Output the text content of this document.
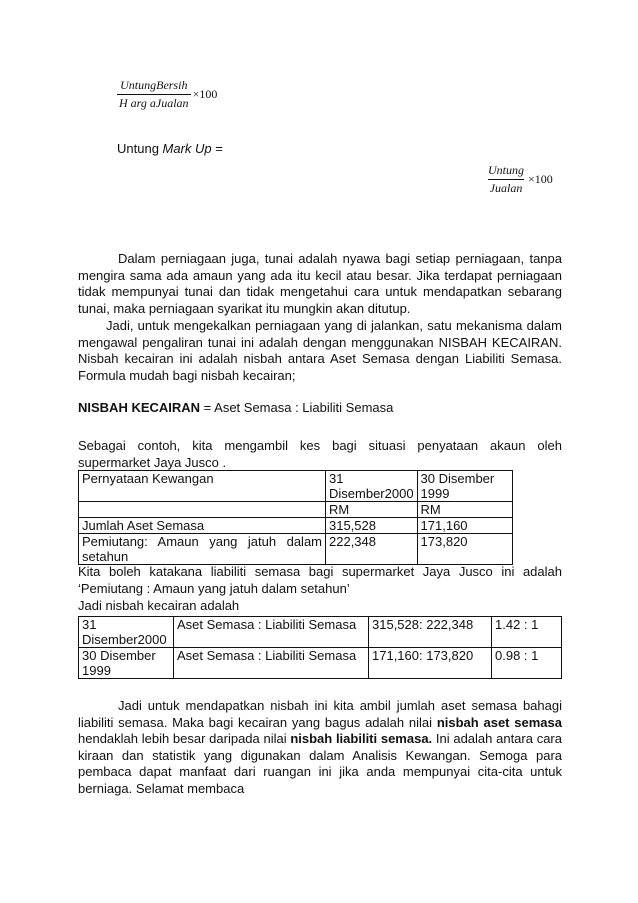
$\frac{\text{UntungBersih}}{\text{H arg aJualan}} \times 100$
Untung Mark Up =
$\frac{\text{Untung}}{\text{Jualan}} \times 100$

Dalam perniagaan juga, tunai adalah nyawa bagi setiap perniagaan, tanpa mengira sama ada amaun yang ada itu kecil atau besar. Jika terdapat perniagaan tidak mempunyai tunai dan tidak mengetahui cara untuk mendapatkan sebarang tunai, maka perniagaan syarikat itu mungkin akan ditutup.

Jadi, untuk mengekalkan perniagaan yang di jalankan, satu mekanisma dalam mengawal pengaliran tunai ini adalah dengan menggunakan NISBAH KECAIRAN. Nisbah kecairan ini adalah nisbah antara Aset Semasa dengan Liabiliti Semasa. Formula mudah bagi nisbah kecairan;

NISBAH KECAIRAN = Aset Semasa : Liabiliti Semasa

Sebagai contoh, kita mengambil kes bagi situasi penyataan akaun oleh supermarket Jaya Jusco .

Pernyataan Kewangan	31 Disember2000	30 Disember 1999
	RM	RM
Jumlah Aset Semasa	315,528	171,160
Pemiutang: Amaun yang jatuh dalam setahun	222,348	173,820

Kita boleh katakana liabiliti semasa bagi supermarket Jaya Jusco ini adalah ‘Pemiutang : Amaun yang jatuh dalam setahun’

Jadi nisbah kecairan adalah

31 Disember2000	Aset Semasa : Liabiliti Semasa	315,528: 222,348	1.42 : 1
30 Disember 1999	Aset Semasa : Liabiliti Semasa	171,160: 173,820	0.98 : 1

Jadi untuk mendapatkan nisbah ini kita ambil jumlah aset semasa bahagi liabiliti semasa. Maka bagi kecairan yang bagus adalah nilai nisbah aset semasa hendaklah lebih besar daripada nilai nisbah liabiliti semasa. Ini adalah antara cara kiraan dan statistik yang digunakan dalam Analisis Kewangan. Semoga para pembaca dapat manfaat dari ruangan ini jika anda mempunyai cita-cita untuk berniaga. Selamat membaca
